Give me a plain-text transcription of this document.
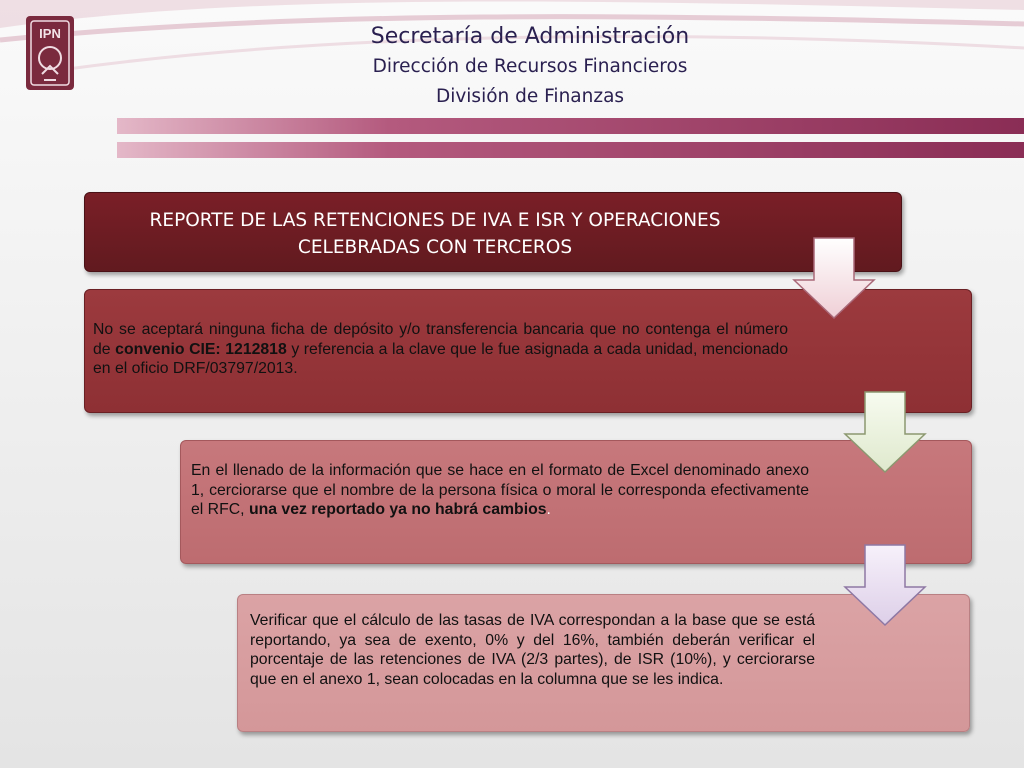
IPN	Secretaría de Administración
Dirección de Recursos Financieros
División de Finanzas
REPORTE DE LAS RETENCIONES DE IVA E ISR Y OPERACIONES
CELEBRADAS CON TERCEROS
No se aceptará ninguna ficha de depósito y/o transferencia bancaria que no contenga el número de convenio CIE: 1212818 y referencia a la clave que le fue asignada a cada unidad, mencionado en el oficio DRF/03797/2013.
En el llenado de la información que se hace en el formato de Excel denominado anexo 1, cerciorarse que el nombre de la persona física o moral le corresponda efectivamente el RFC, una vez reportado ya no habrá cambios.
Verificar que el cálculo de las tasas de IVA correspondan a la base que se está reportando, ya sea de exento, 0% y del 16%, también deberán verificar el porcentaje de las retenciones de IVA (2/3 partes), de ISR (10%), y cerciorarse que en el anexo 1, sean colocadas en la columna que se les indica.
